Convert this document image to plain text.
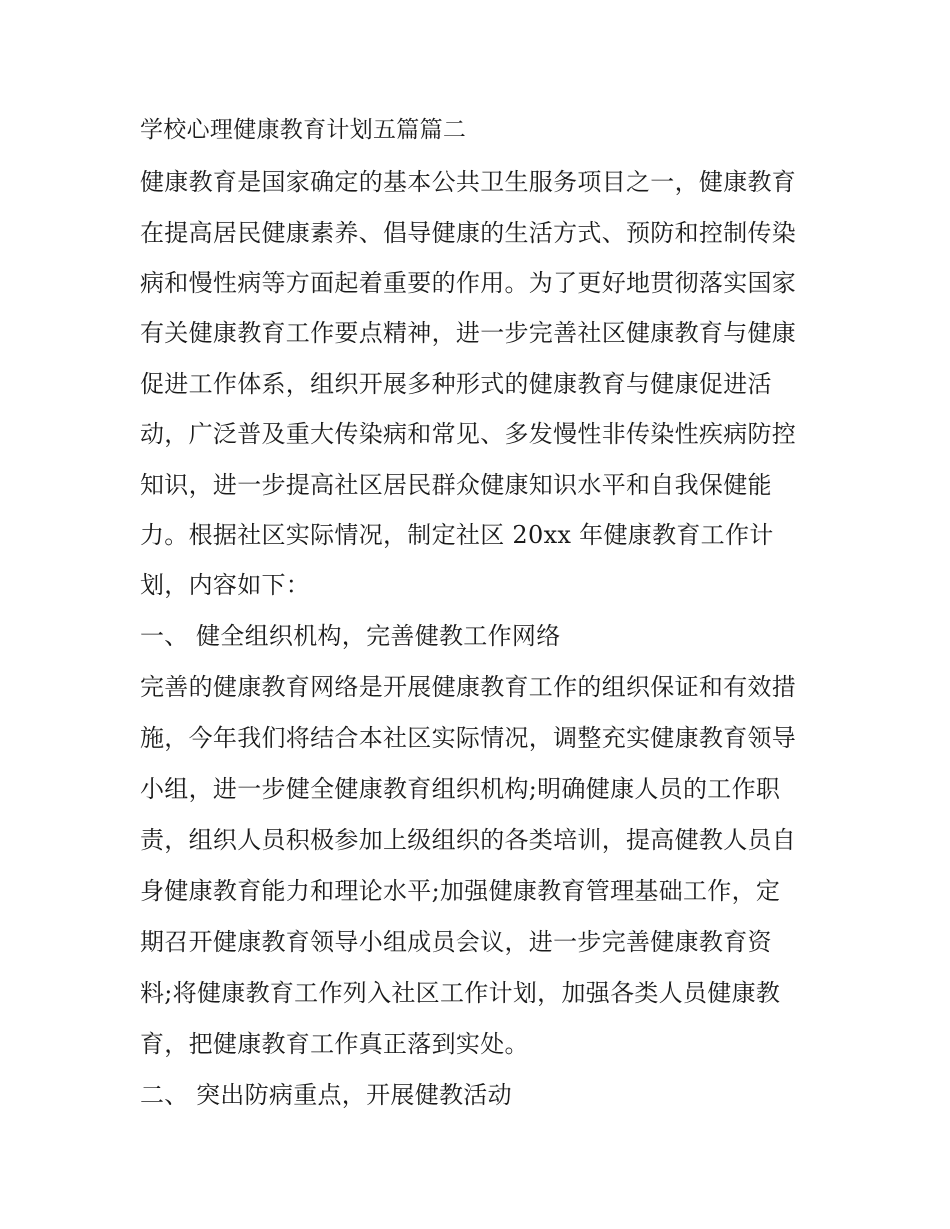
学校心理健康教育计划五篇篇二
健康教育是国家确定的基本公共卫生服务项目之一，健康教育
在提高居民健康素养、倡导健康的生活方式、预防和控制传染
病和慢性病等方面起着重要的作用。为了更好地贯彻落实国家
有关健康教育工作要点精神，进一步完善社区健康教育与健康
促进工作体系，组织开展多种形式的健康教育与健康促进活
动，广泛普及重大传染病和常见、多发慢性非传染性疾病防控
知识，进一步提高社区居民群众健康知识水平和自我保健能
力。根据社区实际情况，制定社区 20xx 年健康教育工作计
划，内容如下：
一、 健全组织机构，完善健教工作网络
完善的健康教育网络是开展健康教育工作的组织保证和有效措
施，今年我们将结合本社区实际情况，调整充实健康教育领导
小组，进一步健全健康教育组织机构;明确健康人员的工作职
责，组织人员积极参加上级组织的各类培训，提高健教人员自
身健康教育能力和理论水平;加强健康教育管理基础工作，定
期召开健康教育领导小组成员会议，进一步完善健康教育资
料;将健康教育工作列入社区工作计划，加强各类人员健康教
育，把健康教育工作真正落到实处。
二、 突出防病重点，开展健教活动
